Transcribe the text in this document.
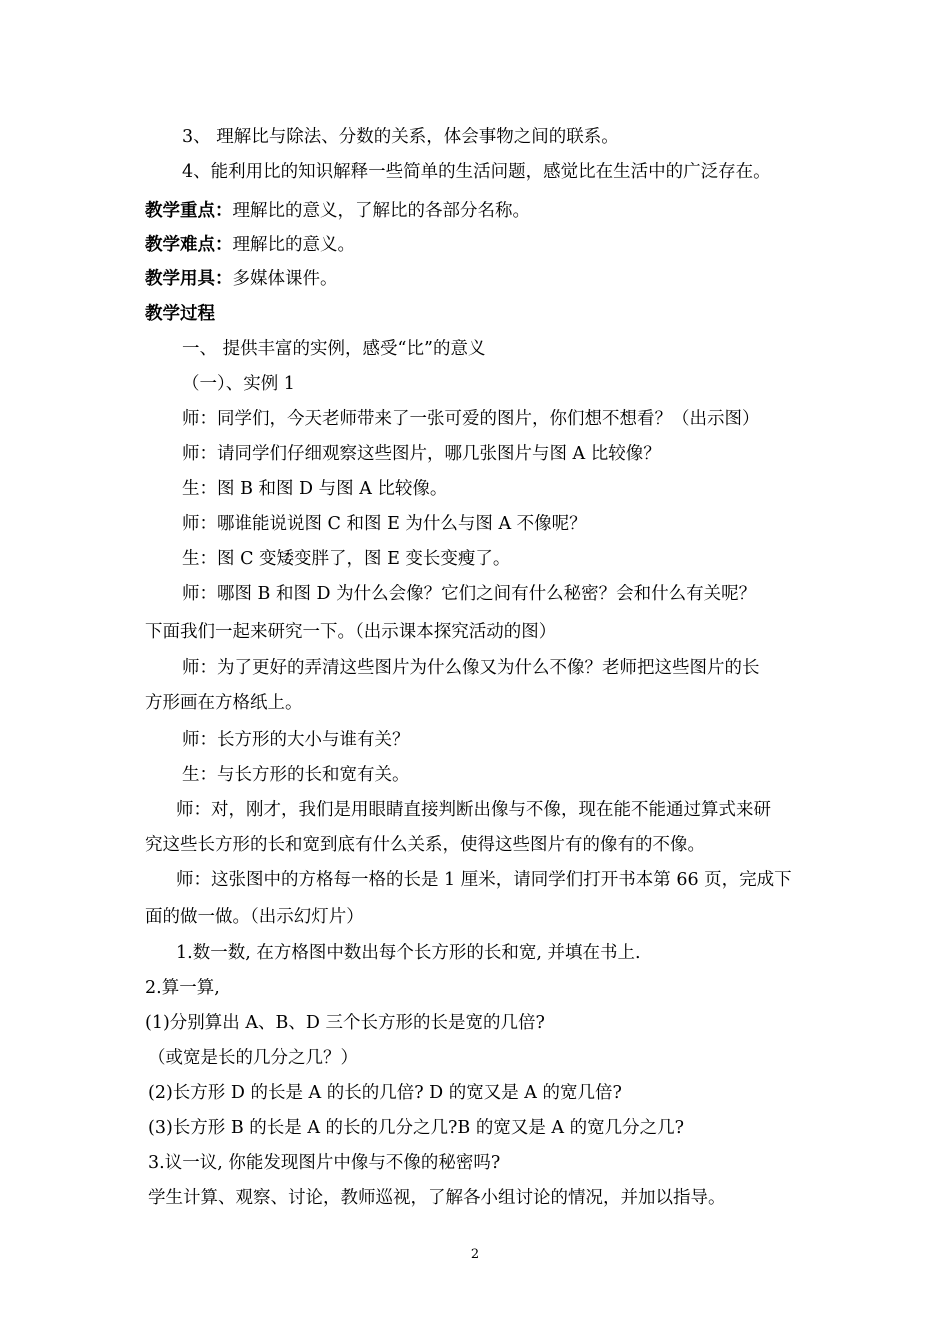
3、 理解比与除法、分数的关系，体会事物之间的联系。
4、能利用比的知识解释一些简单的生活问题，感觉比在生活中的广泛存在。
教学重点：理解比的意义，了解比的各部分名称。
教学难点：理解比的意义。
教学用具：多媒体课件。
教学过程
一、 提供丰富的实例，感受“比”的意义
（一）、实例 1
师：同学们，今天老师带来了一张可爱的图片，你们想不想看？（出示图）
师：请同学们仔细观察这些图片，哪几张图片与图 A 比较像？
生：图 B 和图 D 与图 A 比较像。
师：哪谁能说说图 C 和图 E 为什么与图 A 不像呢？
生：图 C 变矮变胖了，图 E 变长变瘦了。
师：哪图 B 和图 D 为什么会像？它们之间有什么秘密？会和什么有关呢？
下面我们一起来研究一下。（出示课本探究活动的图）
师：为了更好的弄清这些图片为什么像又为什么不像？老师把这些图片的长
方形画在方格纸上。
师：长方形的大小与谁有关？
生：与长方形的长和宽有关。
师：对，刚才，我们是用眼睛直接判断出像与不像，现在能不能通过算式来研
究这些长方形的长和宽到底有什么关系，使得这些图片有的像有的不像。
师：这张图中的方格每一格的长是 1 厘米，请同学们打开书本第 66 页，完成下
面的做一做。（出示幻灯片）
1.数一数, 在方格图中数出每个长方形的长和宽, 并填在书上.
2.算一算,
(1)分别算出 A、B、D 三个长方形的长是宽的几倍?
（或宽是长的几分之几？）
(2)长方形 D 的长是 A 的长的几倍? D 的宽又是 A 的宽几倍?
(3)长方形 B 的长是 A 的长的几分之几?B 的宽又是 A 的宽几分之几?
3.议一议, 你能发现图片中像与不像的秘密吗?
学生计算、观察、讨论，教师巡视，了解各小组讨论的情况，并加以指导。
2
